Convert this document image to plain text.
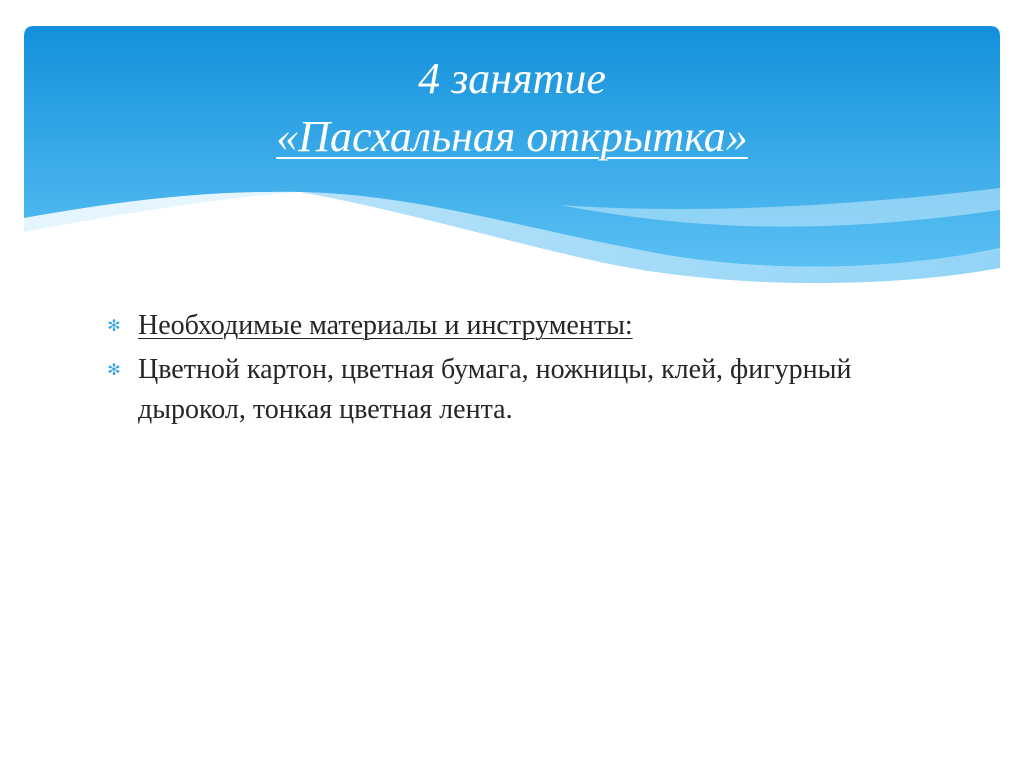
4 занятие
«Пасхальная открытка»
✻ Необходимые материалы и инструменты:
✻ Цветной картон, цветная бумага, ножницы, клей, фигурный дырокол, тонкая цветная лента.
